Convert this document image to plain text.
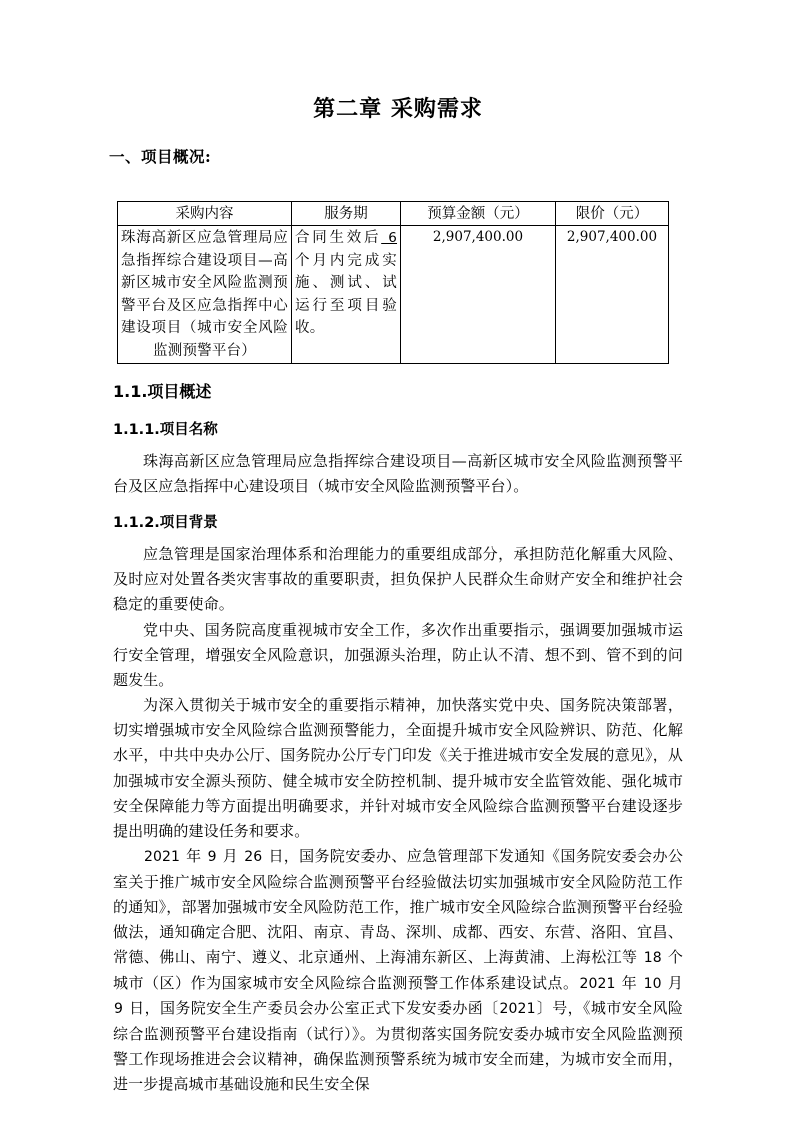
第二章 采购需求
一、项目概况:
采购内容	服务期	预算金额（元）	限价（元）
珠海高新区应急管理局应急指挥综合建设项目—高新区城市安全风险监测预警平台及区应急指挥中心建设项目（城市安全风险监测预警平台）	合同生效后 6 个月内完成实施、测试、试运行至项目验收。	2,907,400.00	2,907,400.00
1.1.项目概述
1.1.1.项目名称

珠海高新区应急管理局应急指挥综合建设项目—高新区城市安全风险监测预警平台及区应急指挥中心建设项目（城市安全风险监测预警平台）。

1.1.2.项目背景

应急管理是国家治理体系和治理能力的重要组成部分，承担防范化解重大风险、及时应对处置各类灾害事故的重要职责，担负保护人民群众生命财产安全和维护社会稳定的重要使命。

党中央、国务院高度重视城市安全工作，多次作出重要指示，强调要加强城市运行安全管理，增强安全风险意识，加强源头治理，防止认不清、想不到、管不到的问题发生。

为深入贯彻关于城市安全的重要指示精神，加快落实党中央、国务院决策部署，切实增强城市安全风险综合监测预警能力，全面提升城市安全风险辨识、防范、化解水平，中共中央办公厅、国务院办公厅专门印发《关于推进城市安全发展的意见》，从加强城市安全源头预防、健全城市安全防控机制、提升城市安全监管效能、强化城市安全保障能力等方面提出明确要求，并针对城市安全风险综合监测预警平台建设逐步提出明确的建设任务和要求。

2021 年 9 月 26 日，国务院安委办、应急管理部下发通知《国务院安委会办公室关于推广城市安全风险综合监测预警平台经验做法切实加强城市安全风险防范工作的通知》，部署加强城市安全风险防范工作，推广城市安全风险综合监测预警平台经验做法，通知确定合肥、沈阳、南京、青岛、深圳、成都、西安、东营、洛阳、宜昌、常德、佛山、南宁、遵义、北京通州、上海浦东新区、上海黄浦、上海松江等 18 个城市（区）作为国家城市安全风险综合监测预警工作体系建设试点。2021 年 10 月 9 日，国务院安全生产委员会办公室正式下发安委办函〔2021〕号，《城市安全风险综合监测预警平台建设指南（试行）》。为贯彻落实国务院安委办城市安全风险监测预警工作现场推进会会议精神，确保监测预警系统为城市安全而建，为城市安全而用，进一步提高城市基础设施和民生安全保
